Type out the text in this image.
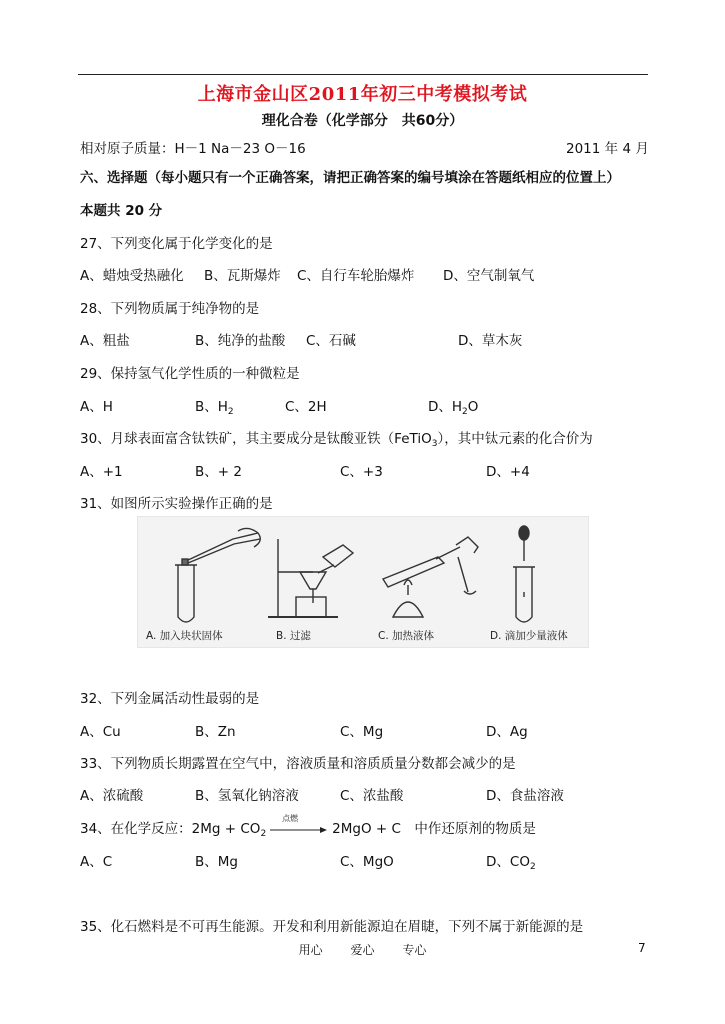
上海市金山区2011年初三中考模拟考试
理化合卷（化学部分　共60分）
相对原子质量：H－1 Na－23 O－16	2011 年 4 月
六、选择题（每小题只有一个正确答案，请把正确答案的编号填涂在答题纸相应的位置上）
本题共 20 分
27、下列变化属于化学变化的是
A、蜡烛受热融化 B、瓦斯爆炸 C、自行车轮胎爆炸 D、空气制氧气
28、下列物质属于纯净物的是
A、粗盐	B、纯净的盐酸 C、石碱	D、草木灰
29、保持氢气化学性质的一种微粒是
A、H	B、$H_2$	C、2H	D、$H_2O$
30、月球表面富含钛铁矿，其主要成分是钛酸亚铁（FeTiO$_3$），其中钛元素的化合价为
A、+1	B、+ 2	C、+3	D、+4
31、如图所示实验操作正确的是
A. 加入块状固体	B. 过滤	C. 加热液体	D. 滴加少量液体
32、下列金属活动性最弱的是
A、Cu	B、Zn	C、Mg	D、Ag
33、下列物质长期露置在空气中，溶液质量和溶质质量分数都会减少的是
A、浓硫酸	B、氢氧化钠溶液	C、浓盐酸	D、食盐溶液
34、在化学反应：$2Mg + CO_2$
点燃
2MgO + C　中作还原剂的物质是
A、C	B、Mg	C、MgO	D、$CO_2$
35、化石燃料是不可再生能源。开发和利用新能源迫在眉睫，下列不属于新能源的是
用心 爱心 专心	7
